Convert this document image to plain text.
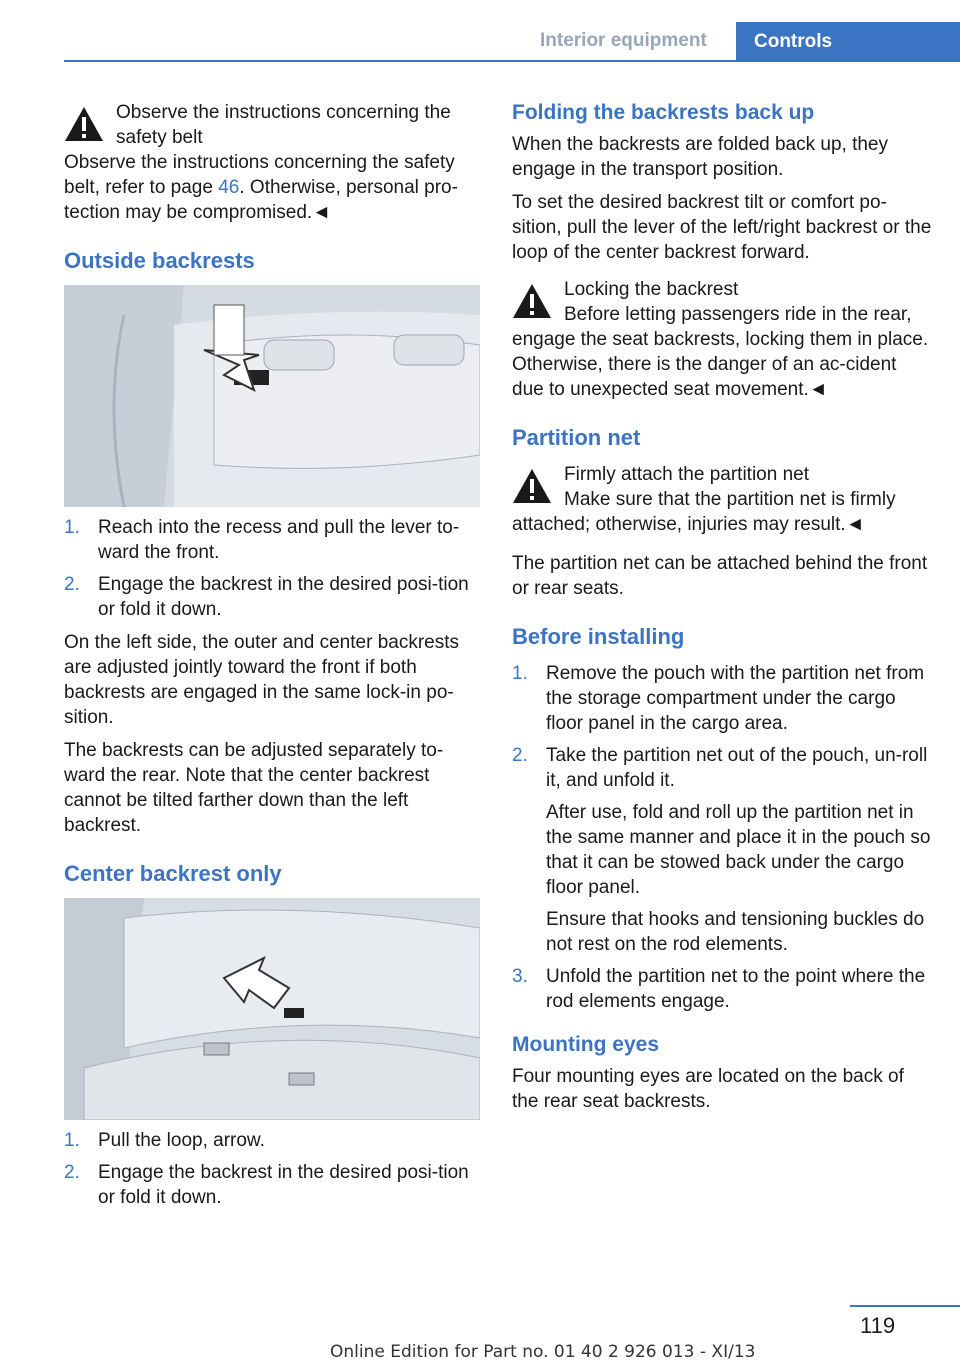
Interior equipment Controls
Observe the instructions concerning the safety belt

Observe the instructions concerning the safety belt, refer to page 46. Otherwise, personal pro-tection may be compromised.◄

Outside backrests
1. Reach into the recess and pull the lever to-ward the front.
2. Engage the backrest in the desired posi-tion or fold it down.

On the left side, the outer and center backrests are adjusted jointly toward the front if both backrests are engaged in the same lock-in po-sition.

The backrests can be adjusted separately to-ward the rear. Note that the center backrest cannot be tilted farther down than the left backrest.

Center backrest only
1. Pull the loop, arrow.
2. Engage the backrest in the desired posi-tion or fold it down.
Folding the backrests back up

When the backrests are folded back up, they engage in the transport position.

To set the desired backrest tilt or comfort po-sition, pull the lever of the left/right backrest or the loop of the center backrest forward.

Locking the backrest
Before letting passengers ride in the rear,

engage the seat backrests, locking them in place. Otherwise, there is the danger of an ac-cident due to unexpected seat movement.◄

Partition net
Firmly attach the partition net
Make sure that the partition net is firmly

attached; otherwise, injuries may result.◄

The partition net can be attached behind the front or rear seats.

Before installing
1. Remove the pouch with the partition net from the storage compartment under the cargo floor panel in the cargo area.
2. Take the partition net out of the pouch, un-roll it, and unfold it.
After use, fold and roll up the partition net in the same manner and place it in the pouch so that it can be stowed back under the cargo floor panel.
Ensure that hooks and tensioning buckles do not rest on the rod elements.
3. Unfold the partition net to the point where the rod elements engage.
Mounting eyes

Four mounting eyes are located on the back of the rear seat backrests.

119
Online Edition for Part no. 01 40 2 926 013 - XI/13
